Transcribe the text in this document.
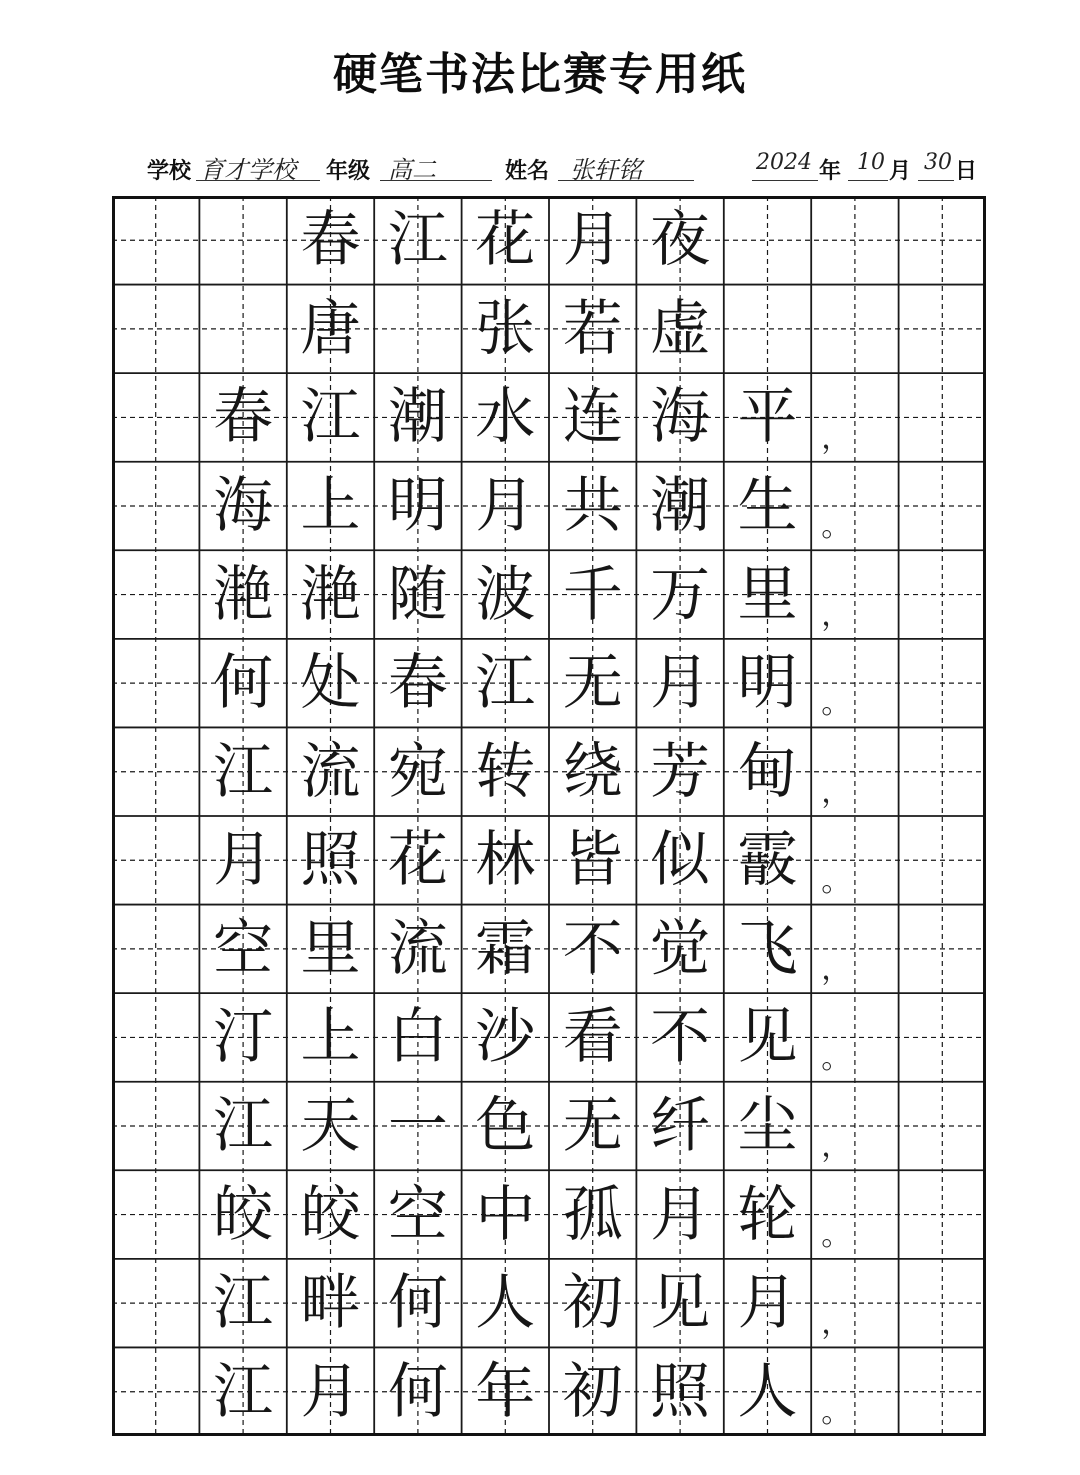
硬笔书法比赛专用纸
学校 育才学校 年级 高二	姓名 张轩铭	2024 年 10 月 30 日
春 江 花 月 夜
唐 张 若 虚
春 江 潮 水 连 海 平 ，
海 上 明 月 共 潮 生 。
滟 滟 随 波 千 万 里 ，
何 处 春 江 无 月 明 。
江 流 宛 转 绕 芳 甸 ，
月 照 花 林 皆 似 霰 。
空 里 流 霜 不 觉 飞 ，
汀 上 白 沙 看 不 见 。
江 天 一 色 无 纤 尘 ，
皎 皎 空 中 孤 月 轮 。
江 畔 何 人 初 见 月 ，
江 月 何 年 初 照 人 。
